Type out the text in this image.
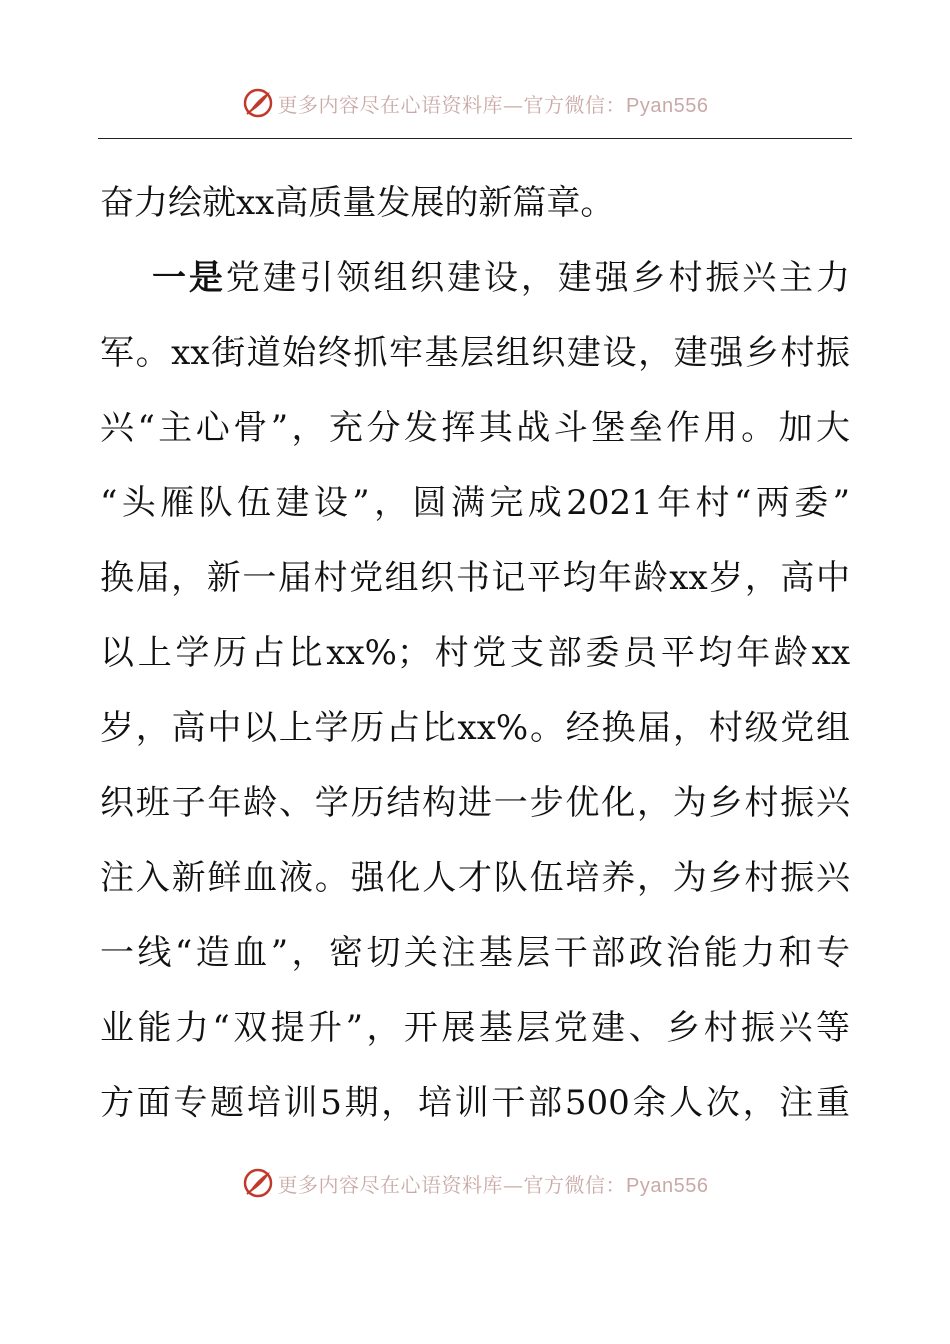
更多内容尽在心语资料库—官方微信：Pyan556
奋力绘就xx高质量发展的新篇章。
一是党建引领组织建设，建强乡村振兴主力
军。xx街道始终抓牢基层组织建设，建强乡村振
兴“主心骨”，充分发挥其战斗堡垒作用。加大
“头雁队伍建设”，圆满完成2021年村“两委”
换届，新一届村党组织书记平均年龄xx岁，高中
以上学历占比xx%；村党支部委员平均年龄xx
岁，高中以上学历占比xx%。经换届，村级党组
织班子年龄、学历结构进一步优化，为乡村振兴
注入新鲜血液。强化人才队伍培养，为乡村振兴
一线“造血”，密切关注基层干部政治能力和专
业能力“双提升”，开展基层党建、乡村振兴等
方面专题培训5期，培训干部500余人次，注重
更多内容尽在心语资料库—官方微信：Pyan556
